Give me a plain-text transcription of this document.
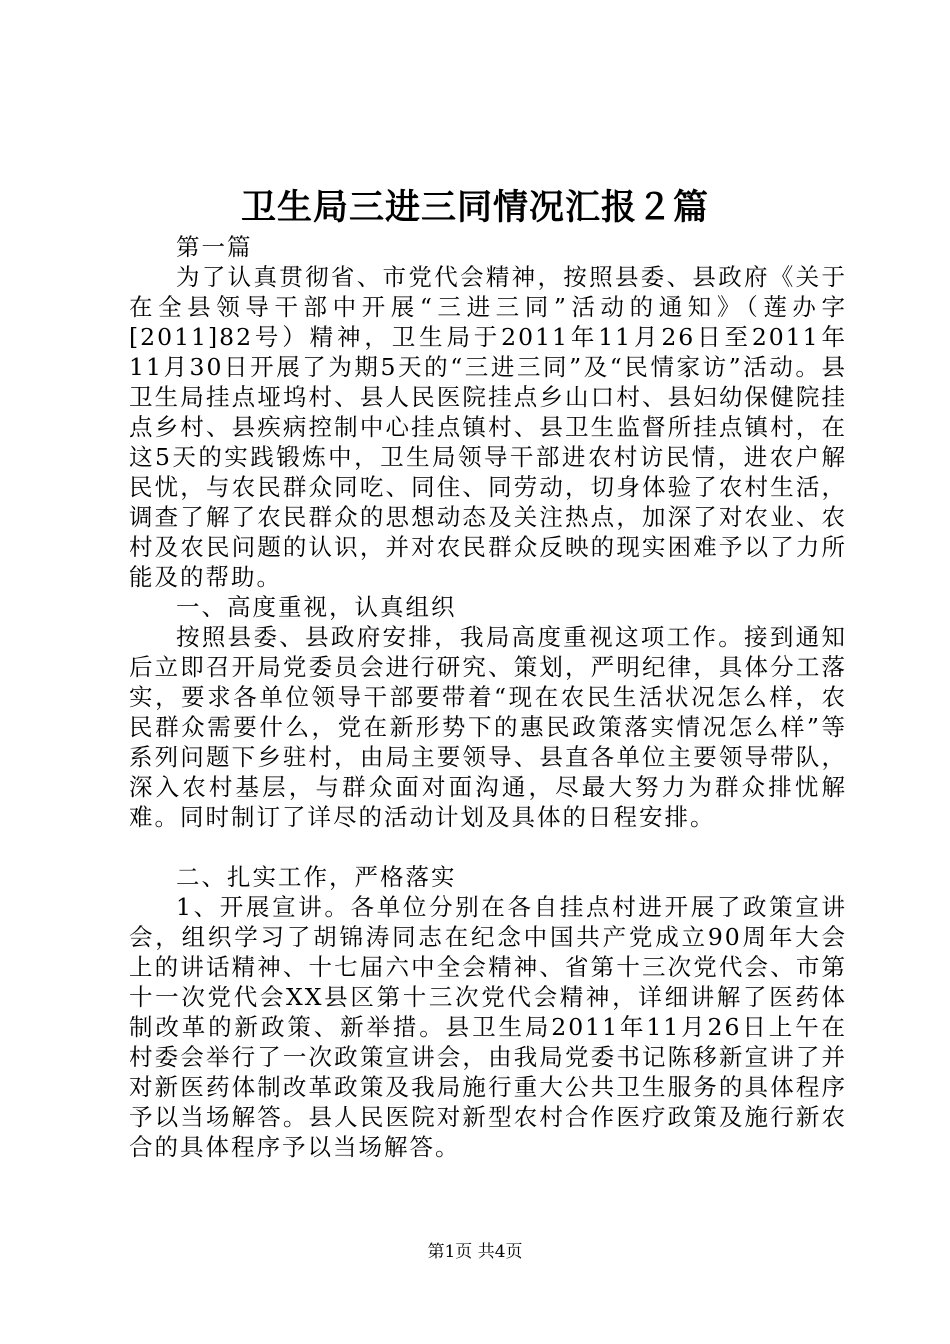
卫生局三进三同情况汇报２篇

第一篇

为了认真贯彻省、市党代会精神，按照县委、县政府《关于在全县领导干部中开展“三进三同”活动的通知》（莲办字[2011]82号）精神，卫生局于2011年11月26日至2011年11月30日开展了为期5天的“三进三同”及“民情家访”活动。县卫生局挂点垭坞村、县人民医院挂点乡山口村、县妇幼保健院挂点乡村、县疾病控制中心挂点镇村、县卫生监督所挂点镇村，在这5天的实践锻炼中，卫生局领导干部进农村访民情，进农户解民忧，与农民群众同吃、同住、同劳动，切身体验了农村生活，调查了解了农民群众的思想动态及关注热点，加深了对农业、农村及农民问题的认识，并对农民群众反映的现实困难予以了力所能及的帮助。

一、高度重视，认真组织

按照县委、县政府安排，我局高度重视这项工作。接到通知后立即召开局党委员会进行研究、策划，严明纪律，具体分工落实，要求各单位领导干部要带着“现在农民生活状况怎么样，农民群众需要什么，党在新形势下的惠民政策落实情况怎么样”等系列问题下乡驻村，由局主要领导、县直各单位主要领导带队，深入农村基层，与群众面对面沟通，尽最大努力为群众排忧解难。同时制订了详尽的活动计划及具体的日程安排。

二、扎实工作，严格落实

1、开展宣讲。各单位分别在各自挂点村进开展了政策宣讲会，组织学习了胡锦涛同志在纪念中国共产党成立90周年大会上的讲话精神、十七届六中全会精神、省第十三次党代会、市第十一次党代会XX县区第十三次党代会精神，详细讲解了医药体制改革的新政策、新举措。县卫生局2011年11月26日上午在村委会举行了一次政策宣讲会，由我局党委书记陈移新宣讲了并对新医药体制改革政策及我局施行重大公共卫生服务的具体程序予以当场解答。县人民医院对新型农村合作医疗政策及施行新农合的具体程序予以当场解答。

第1页 共4页
